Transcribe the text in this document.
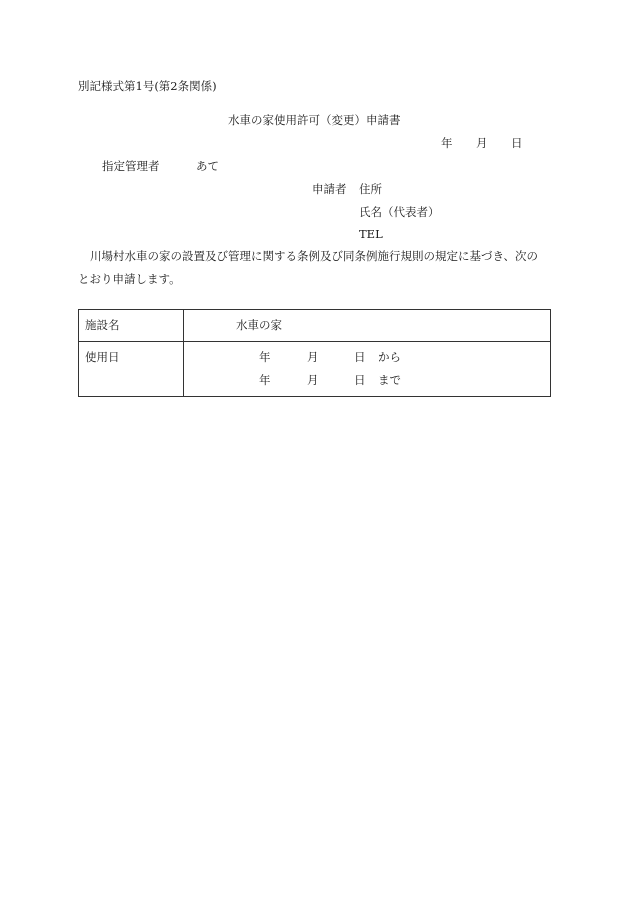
別記様式第1号(第2条関係)
水車の家使用許可（変更）申請書
年 月 日
指定管理者	あて
申請者 住所
氏名（代表者）
TEL
川場村水車の家の設置及び管理に関する条例及び同条例施行規則の規定に基づき、次の
とおり申請します。
施設名	水車の家
使用日	年	月	日 から
年	月	日 まで
